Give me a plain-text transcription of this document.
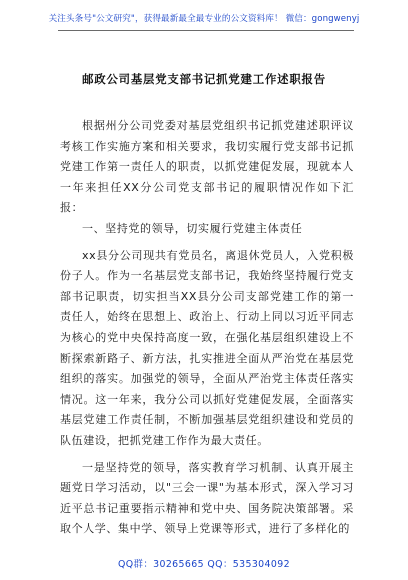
关注头条号"公文研究"，获得最新最全最专业的公文资料库！ 微信：gongwenyj
邮政公司基层党支部书记抓党建工作述职报告

根据州分公司党委对基层党组织书记抓党建述职评议考核工作实施方案和相关要求，我切实履行党支部书记抓党建工作第一责任人的职责，以抓党建促发展，现就本人一年来担任XX分公司党支部书记的履职情况作如下汇报：

一、坚持党的领导，切实履行党建主体责任

xx县分公司现共有党员名，离退休党员人，入党积极份子人。作为一名基层党支部书记，我始终坚持履行党支部书记职责，切实担当XX县分公司支部党建工作的第一责任人，始终在思想上、政治上、行动上同以习近平同志为核心的党中央保持高度一致，在强化基层组织建设上不断探索新路子、新方法，扎实推进全面从严治党在基层党组织的落实。加强党的领导，全面从严治党主体责任落实情况。这一年来，我分公司以抓好党建促发展，全面落实基层党建工作责任制，不断加强基层党组织建设和党员的队伍建设，把抓党建工作作为最大责任。

一是坚持党的领导，落实教育学习机制、认真开展主题党日学习活动，以"三会一课"为基本形式，深入学习习近平总书记重要指示精神和党中央、国务院决策部署。采取个人学、集中学、领导上党课等形式，进行了多样化的

QQ群：30265665 QQ：535304092
